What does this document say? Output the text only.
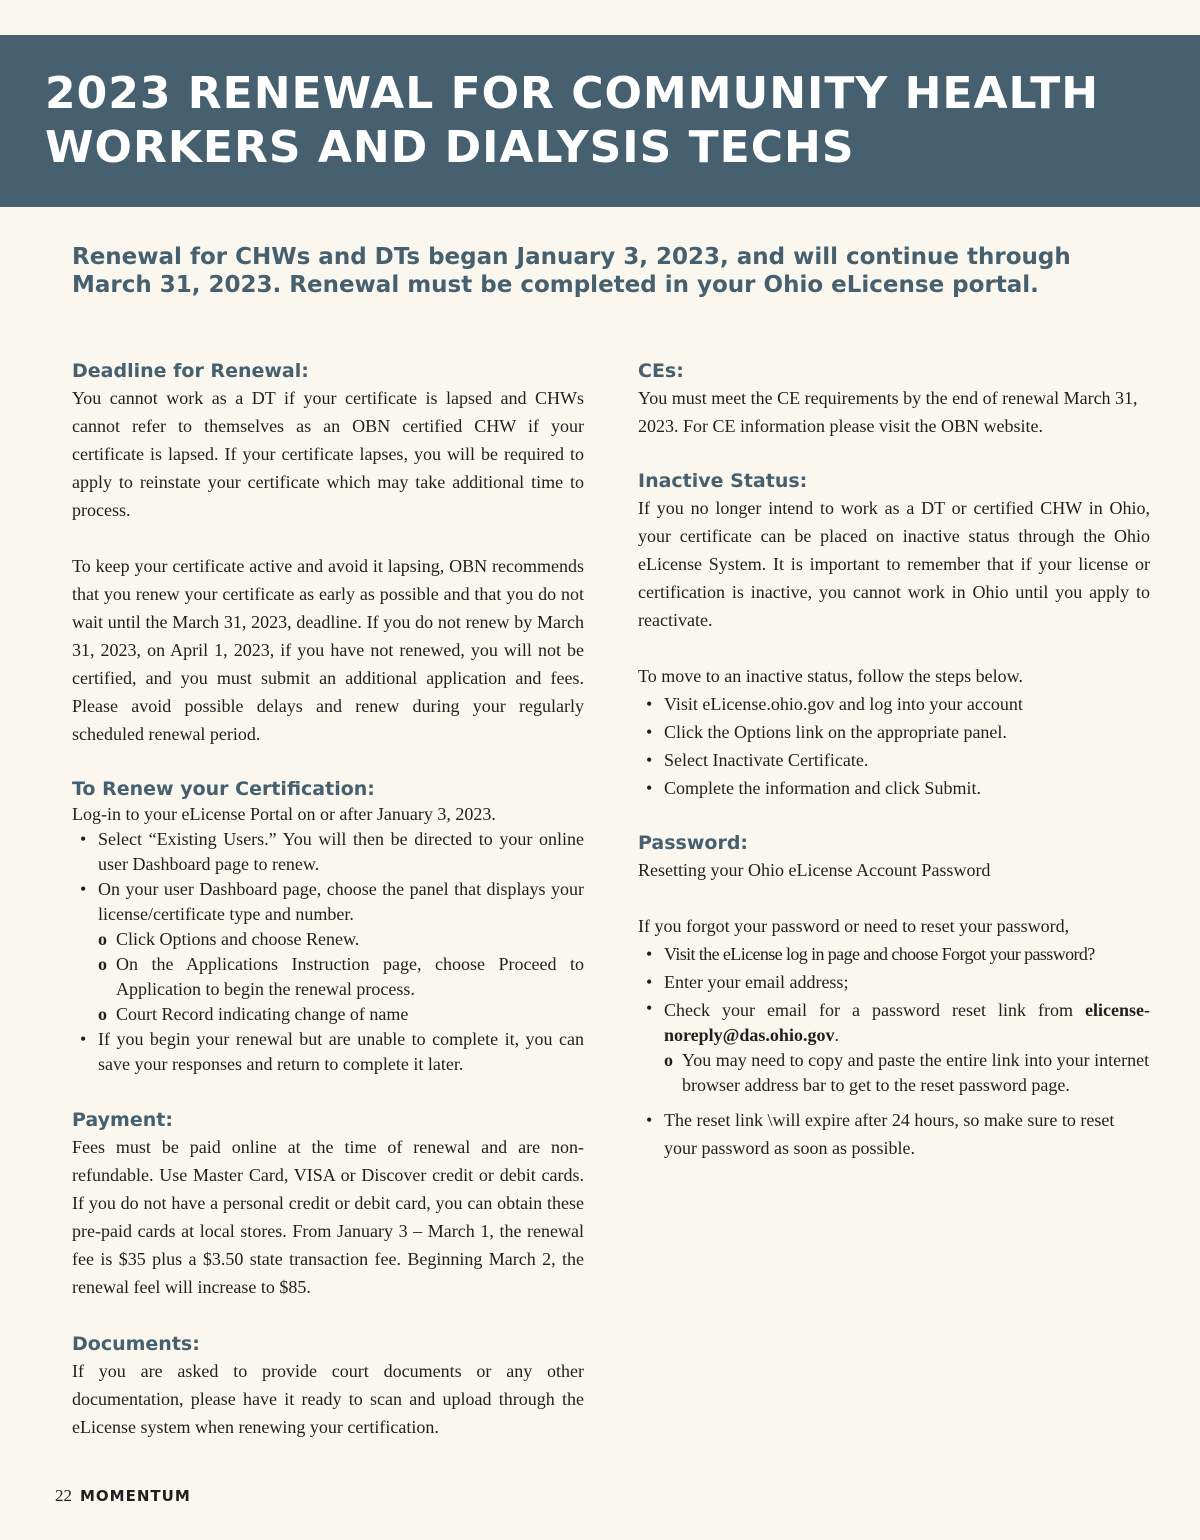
2023 RENEWAL FOR COMMUNITY HEALTH
WORKERS AND DIALYSIS TECHS
Renewal for CHWs and DTs began January 3, 2023, and will continue through March 31, 2023. Renewal must be completed in your Ohio eLicense portal.
Deadline for Renewal:

You cannot work as a DT if your certificate is lapsed and CHWs cannot refer to themselves as an OBN certified CHW if your certificate is lapsed. If your certificate lapses, you will be required to apply to reinstate your certificate which may take additional time to process.

To keep your certificate active and avoid it lapsing, OBN recommends that you renew your certificate as early as possible and that you do not wait until the March 31, 2023, deadline. If you do not renew by March 31, 2023, on April 1, 2023, if you have not renewed, you will not be certified, and you must submit an additional application and fees. Please avoid possible delays and renew during your regularly scheduled renewal period.

To Renew your Certification:

Log-in to your eLicense Portal on or after January 3, 2023.

• Select “Existing Users.” You will then be directed to your online user Dashboard page to renew.
• On your user Dashboard page, choose the panel that displays your license/certificate type and number.
o Click Options and choose Renew.
o On the Applications Instruction page, choose Proceed to Application to begin the renewal process.
o Court Record indicating change of name
• If you begin your renewal but are unable to complete it, you can save your responses and return to complete it later.
Payment:

Fees must be paid online at the time of renewal and are non-refundable. Use Master Card, VISA or Discover credit or debit cards. If you do not have a personal credit or debit card, you can obtain these pre-paid cards at local stores. From January 3 – March 1, the renewal fee is $35 plus a $3.50 state transaction fee. Beginning March 2, the renewal feel will increase to $85.

Documents:

If you are asked to provide court documents or any other documentation, please have it ready to scan and upload through the eLicense system when renewing your certification.

CEs:

You must meet the CE requirements by the end of renewal March 31, 2023. For CE information please visit the OBN website.

Inactive Status:

If you no longer intend to work as a DT or certified CHW in Ohio, your certificate can be placed on inactive status through the Ohio eLicense System. It is important to remember that if your license or certification is inactive, you cannot work in Ohio until you apply to reactivate.

To move to an inactive status, follow the steps below.

• Visit eLicense.ohio.gov and log into your account
• Click the Options link on the appropriate panel.
• Select Inactivate Certificate.
• Complete the information and click Submit.
Password:

Resetting your Ohio eLicense Account Password

If you forgot your password or need to reset your password,

• Visit the eLicense log in page and choose Forgot your password?
• Enter your email address;
• Check your email for a password reset link from elicense-noreply@das.ohio.gov.
o You may need to copy and paste the entire link into your internet browser address bar to get to the reset password page.
• The reset link \will expire after 24 hours, so make sure to reset your password as soon as possible.
22 MOMENTUM
